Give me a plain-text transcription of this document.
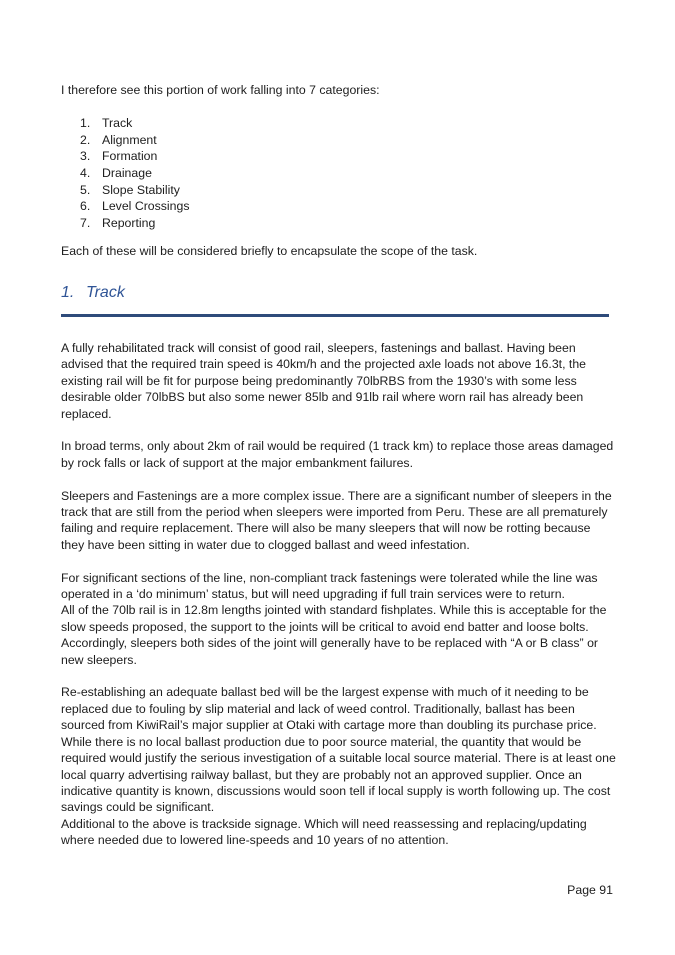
I therefore see this portion of work falling into 7 categories:

1. Track
2. Alignment
3. Formation
4. Drainage
5. Slope Stability
6. Level Crossings
7. Reporting

Each of these will be considered briefly to encapsulate the scope of the task.

1. Track

A fully rehabilitated track will consist of good rail, sleepers, fastenings and ballast. Having been advised that the required train speed is 40km/h and the projected axle loads not above 16.3t, the existing rail will be fit for purpose being predominantly 70lbRBS from the 1930’s with some less desirable older 70lbBS but also some newer 85lb and 91lb rail where worn rail has already been replaced.

In broad terms, only about 2km of rail would be required (1 track km) to replace those areas damaged by rock falls or lack of support at the major embankment failures.

Sleepers and Fastenings are a more complex issue. There are a significant number of sleepers in the track that are still from the period when sleepers were imported from Peru. These are all prematurely failing and require replacement. There will also be many sleepers that will now be rotting because they have been sitting in water due to clogged ballast and weed infestation.

For significant sections of the line, non-compliant track fastenings were tolerated while the line was operated in a ‘do minimum’ status, but will need upgrading if full train services were to return.

All of the 70lb rail is in 12.8m lengths jointed with standard fishplates. While this is acceptable for the slow speeds proposed, the support to the joints will be critical to avoid end batter and loose bolts. Accordingly, sleepers both sides of the joint will generally have to be replaced with “A or B class” or new sleepers.

Re-establishing an adequate ballast bed will be the largest expense with much of it needing to be replaced due to fouling by slip material and lack of weed control. Traditionally, ballast has been sourced from KiwiRail’s major supplier at Otaki with cartage more than doubling its purchase price. While there is no local ballast production due to poor source material, the quantity that would be required would justify the serious investigation of a suitable local source material. There is at least one local quarry advertising railway ballast, but they are probably not an approved supplier. Once an indicative quantity is known, discussions would soon tell if local supply is worth following up. The cost savings could be significant.

Additional to the above is trackside signage. Which will need reassessing and replacing/updating where needed due to lowered line-speeds and 10 years of no attention.

Page 91
